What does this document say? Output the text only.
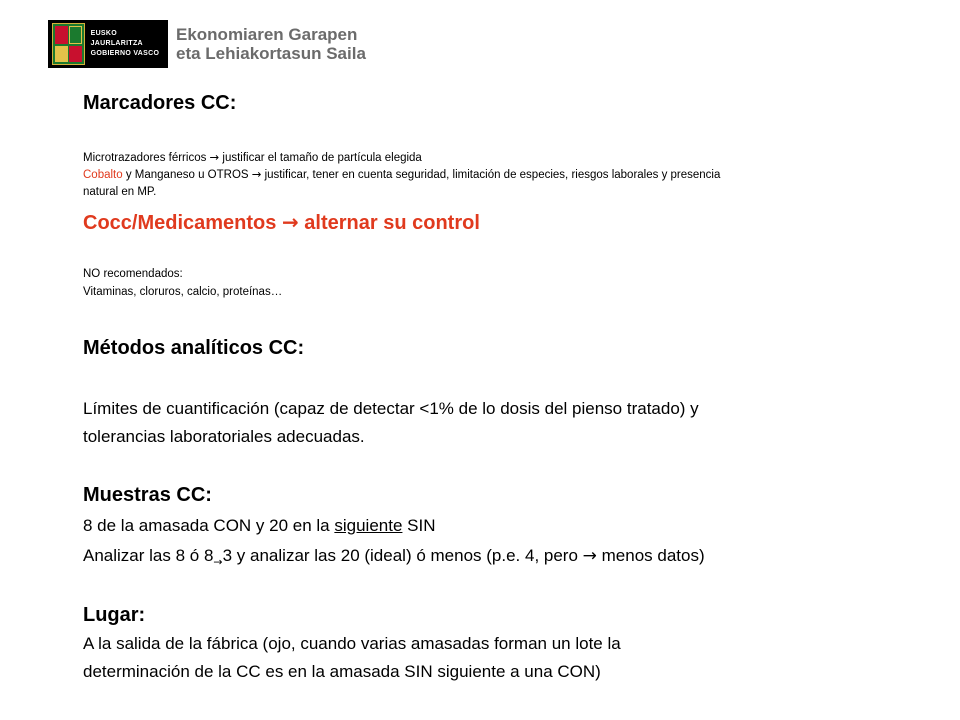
EUSKO JAURLARITZA
GOBIERNO VASCO
Ekonomiaren Garapen
eta Lehiakortasun Saila
Marcadores CC:
Microtrazadores férricos → justificar el tamaño de partícula elegida
Cobalto y Manganeso u OTROS → justificar, tener en cuenta seguridad, limitación de especies, riesgos laborales y presencia
natural en MP.
Cocc/Medicamentos → alternar su control
NO recomendados:
Vitaminas, cloruros, calcio, proteínas…
Métodos analíticos CC:
Límites de cuantificación (capaz de detectar <1% de lo dosis del pienso tratado) y
tolerancias laboratoriales adecuadas.
Muestras CC:
8 de la amasada CON y 20 en la siguiente SIN
Analizar las 8 ó $8_\to 3$ y analizar las 20 (ideal) ó menos (p.e. 4, pero → menos datos)
Lugar:
A la salida de la fábrica (ojo, cuando varias amasadas forman un lote la
determinación de la CC es en la amasada SIN siguiente a una CON)
